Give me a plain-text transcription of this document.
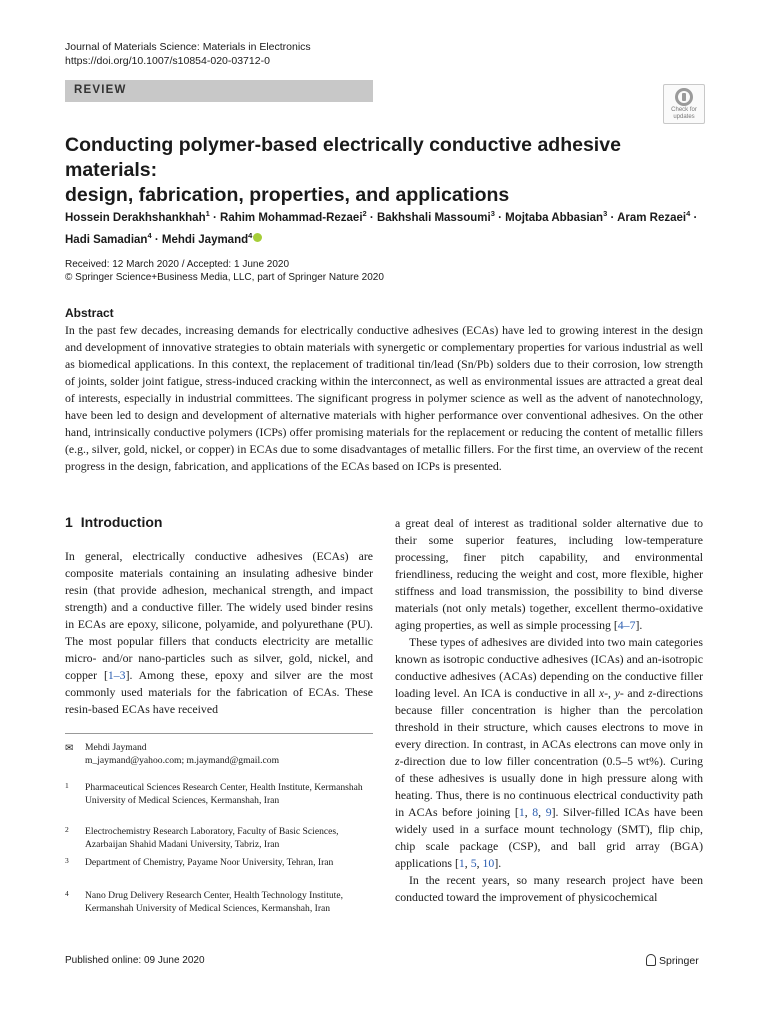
Journal of Materials Science: Materials in Electronics
https://doi.org/10.1007/s10854-020-03712-0
REVIEW
Check for
updates
Conducting polymer-based electrically conductive adhesive materials:
design, fabrication, properties, and applications
Hossein Derakhshankhah$^1$ · Rahim Mohammad-Rezaei$^2$ · Bakhshali Massoumi$^3$ · Mojtaba Abbasian$^3$ · Aram Rezaei$^4$ ·
Hadi Samadian$^4$ · Mehdi Jaymand$^4$
Received: 12 March 2020 / Accepted: 1 June 2020
© Springer Science+Business Media, LLC, part of Springer Nature 2020
Abstract
In the past few decades, increasing demands for electrically conductive adhesives (ECAs) have led to growing interest in the design and development of innovative strategies to obtain materials with synergetic or complementary properties for various industrial as well as biomedical applications. In this context, the replacement of traditional tin/lead (Sn/Pb) solders due to their corrosion, low strength of joints, solder joint fatigue, stress-induced cracking within the interconnect, as well as environmental issues are attracted a great deal of interests, especially in industrial committees. The significant progress in polymer science as well as the advent of nanotechnology, have been led to design and development of alternative materials with higher performance over conventional adhesives. On the other hand, intrinsically conductive polymers (ICPs) offer promising materials for the replacement or reducing the content of metallic fillers (e.g., silver, gold, nickel, or copper) in ECAs due to some disadvantages of metallic fillers. For the first time, an overview of the recent progress in the design, fabrication, and applications of the ECAs based on ICPs is presented.
1 Introduction

In general, electrically conductive adhesives (ECAs) are composite materials containing an insulating adhesive binder resin (that provide adhesion, mechanical strength, and impact strength) and a conductive filler. The widely used binder resins in ECAs are epoxy, silicone, polyamide, and polyurethane (PU). The most popular fillers that conducts electricity are metallic micro- and/or nano-particles such as silver, gold, nickel, and copper [1–3]. Among these, epoxy and silver are the most commonly used materials for the fabrication of ECAs. These resin-based ECAs have received

a great deal of interest as traditional solder alternative due to their some superior features, including low-temperature processing, finer pitch capability, and environmental friendliness, reducing the weight and cost, more flexible, higher stiffness and load transmission, the possibility to bind diverse materials (not only metals) together, excellent thermo-oxidative aging properties, as well as simple processing [4–7].

These types of adhesives are divided into two main categories known as isotropic conductive adhesives (ICAs) and an-isotropic conductive adhesives (ACAs) depending on the conductive filler loading level. An ICA is conductive in all x-, y- and z-directions because filler concentration is higher than the percolation threshold in their structure, which causes electrons to move in every direction. In contrast, in ACAs electrons can move only in z-direction due to low filler concentration (0.5–5 wt%). Curing of these adhesives is usually done in high pressure along with heating. Thus, there is no continuous electrical conductivity path in ACAs before joining [1, 8, 9]. Silver-filled ICAs have been widely used in a surface mount technology (SMT), flip chip, chip scale package (CSP), and ball grid array (BGA) applications [1, 5, 10].

In the recent years, so many research project have been conducted toward the improvement of physicochemical

✉ Mehdi Jaymand
m_jaymand@yahoo.com; m.jaymand@gmail.com
1 Pharmaceutical Sciences Research Center, Health Institute, Kermanshah University of Medical Sciences, Kermanshah, Iran
2 Electrochemistry Research Laboratory, Faculty of Basic Sciences, Azarbaijan Shahid Madani University, Tabriz, Iran
3 Department of Chemistry, Payame Noor University, Tehran, Iran
4 Nano Drug Delivery Research Center, Health Technology Institute, Kermanshah University of Medical Sciences, Kermanshah, Iran
Published online: 09 June 2020	Springer
